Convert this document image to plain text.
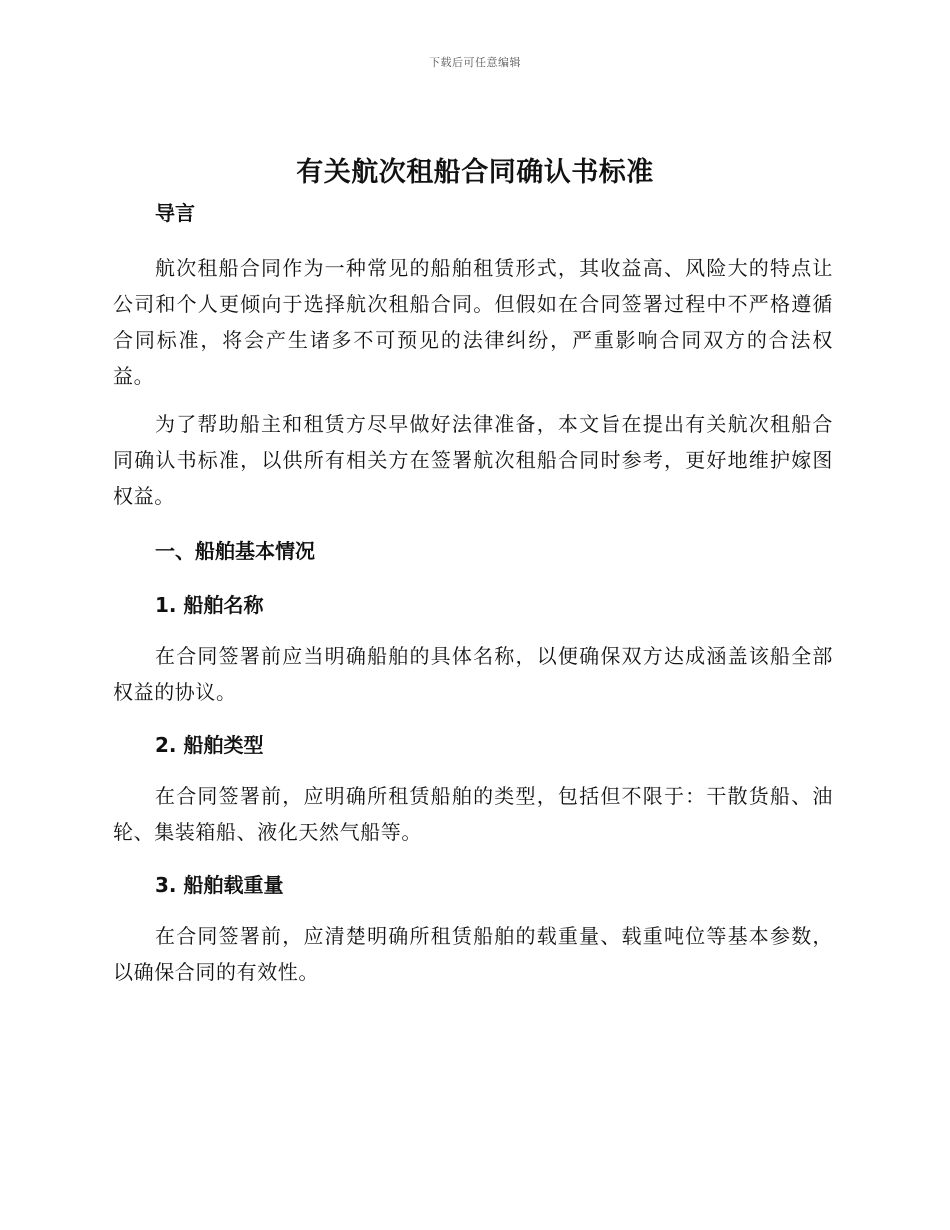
下载后可任意编辑
有关航次租船合同确认书标准

导言

航次租船合同作为一种常见的船舶租赁形式，其收益高、风险大的特点让公司和个人更倾向于选择航次租船合同。但假如在合同签署过程中不严格遵循合同标准，将会产生诸多不可预见的法律纠纷，严重影响合同双方的合法权益。

为了帮助船主和租赁方尽早做好法律准备，本文旨在提出有关航次租船合同确认书标准，以供所有相关方在签署航次租船合同时参考，更好地维护嫁图权益。

一、船舶基本情况

1. 船舶名称

在合同签署前应当明确船舶的具体名称，以便确保双方达成涵盖该船全部权益的协议。

2. 船舶类型

在合同签署前，应明确所租赁船舶的类型，包括但不限于：干散货船、油轮、集装箱船、液化天然气船等。

3. 船舶载重量

在合同签署前，应清楚明确所租赁船舶的载重量、载重吨位等基本参数，以确保合同的有效性。
